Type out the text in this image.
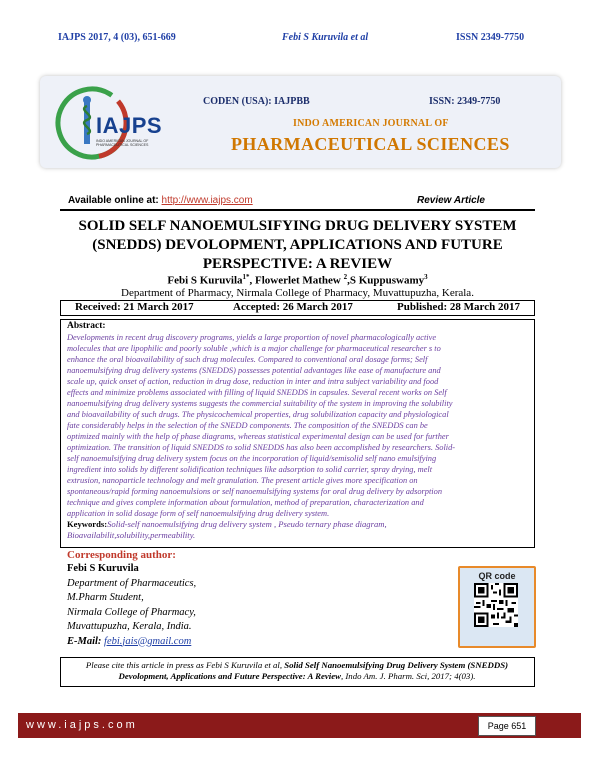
IAJPS 2017, 4 (03), 651-669	Febi S Kuruvila et al	ISSN 2349-7750
IAJPS
INDO AMERICAN JOURNAL OF PHARMACEUTICAL SCIENCES
CODEN (USA): IAJPBB	ISSN: 2349-7750
INDO AMERICAN JOURNAL OF
PHARMACEUTICAL SCIENCES
Available online at: http://www.iajps.com	Review Article
SOLID SELF NANOEMULSIFYING DRUG DELIVERY SYSTEM
(SNEDDS) DEVOLOPMENT, APPLICATIONS AND FUTURE
PERSPECTIVE: A REVIEW
Febi S Kuruvila$^{1*}$, Flowerlet Mathew $^2$,S Kuppuswamy$^3$
Department of Pharmacy, Nirmala College of Pharmacy, Muvattupuzha, Kerala.
Received: 21 March 2017	Accepted: 26 March 2017	Published: 28 March 2017
Abstract:
Developments in recent drug discovery programs, yields a large proportion of novel pharmacologically active
molecules that are lipophilic and poorly soluble ,which is a major challenge for pharmaceutical researcher s to
enhance the oral bioavailability of such drug molecules. Compared to conventional oral dosage forms; Self
nanoemulsifying drug delivery systems (SNEDDS) possesses potential advantages like ease of manufacture and
scale up, quick onset of action, reduction in drug dose, reduction in inter and intra subject variability and food
effects and minimize problems associated with filling of liquid SNEDDS in capsules. Several recent works on Self
nanoemulsifying drug delivery systems suggests the commercial suitability of the system in improving the solubility
and bioavailability of such drugs. The physicochemical properties, drug solubilization capacity and physiological
fate considerably helps in the selection of the SNEDD components. The composition of the SNEDDS can be
optimized mainly with the help of phase diagrams, whereas statistical experimental design can be used for further
optimization. The transition of liquid SNEDDS to solid SNEDDS has also been accomplished by researchers. Solid-
self nanoemulsifying drug delivery system focus on the incorporation of liquid/semisolid self nano emulsifying
ingredient into solids by different solidification techniques like adsorption to solid carrier, spray drying, melt
extrusion, nanoparticle technology and melt granulation. The present article gives more specification on
spontaneous/rapid forming nanoemulsions or self nanoemulsifying systems for oral drug delivery by adsorption
technique and gives complete information about formulation, method of preparation, characterization and
application in solid dosage form of self nanoemulsifying drug delivery system.
Keywords:Solid-self nanoemulsifying drug delivery system , Pseudo ternary phase diagram,
Bioavailabilit,solubility,permeability.
Corresponding author:
Febi S Kuruvila
Department of Pharmaceutics,
M.Pharm Student,
Nirmala College of Pharmacy,
Muvattupuzha, Kerala, India.
E-Mail: febi.jais@gmail.com
QR code
Please cite this article in press as Febi S Kuruvila et al, Solid Self Nanoemulsifying Drug Delivery System (SNEDDS) Devolopment, Applications and Future Perspective: A Review, Indo Am. J. Pharm. Sci, 2017; 4(03).
www.iajps.com	Page 651
